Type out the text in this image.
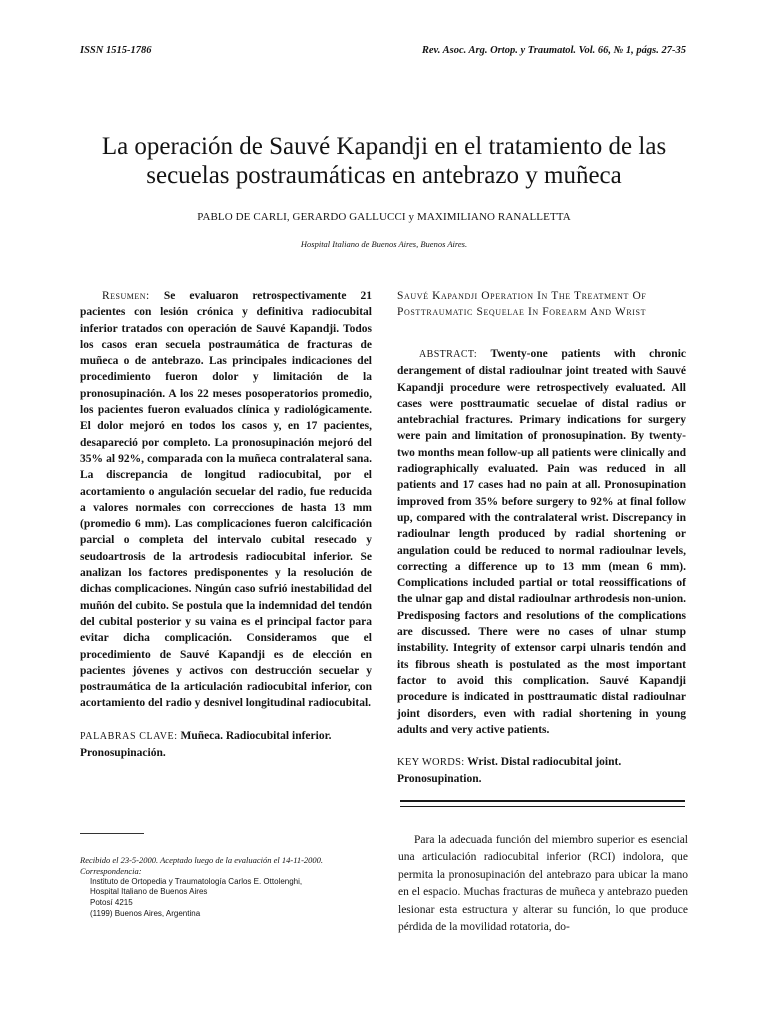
ISSN 1515-1786	Rev. Asoc. Arg. Ortop. y Traumatol. Vol. 66, № 1, págs. 27-35
La operación de Sauvé Kapandji en el tratamiento de las
secuelas postraumáticas en antebrazo y muñeca
PABLO DE CARLI, GERARDO GALLUCCI y MAXIMILIANO RANALLETTA
Hospital Italiano de Buenos Aires, Buenos Aires.

Resumen: Se evaluaron retrospectivamente 21 pacientes con lesión crónica y definitiva radiocubital inferior tratados con operación de Sauvé Kapandji. Todos los casos eran secuela postraumática de fracturas de muñeca o de antebrazo. Las principales indicaciones del procedimiento fueron dolor y limitación de la pronosupinación. A los 22 meses posoperatorios promedio, los pacientes fueron evaluados clínica y radiológicamente. El dolor mejoró en todos los casos y, en 17 pacientes, desapareció por completo. La pronosupinación mejoró del 35% al 92%, comparada con la muñeca contralateral sana. La discrepancia de longitud radiocubital, por el acortamiento o angulación secuelar del radio, fue reducida a valores normales con correcciones de hasta 13 mm (promedio 6 mm). Las complicaciones fueron calcificación parcial o completa del intervalo cubital resecado y seudoartrosis de la artrodesis radiocubital inferior. Se analizan los factores predisponentes y la resolución de dichas complicaciones. Ningún caso sufrió inestabilidad del muñón del cubito. Se postula que la indemnidad del tendón del cubital posterior y su vaina es el principal factor para evitar dicha complicación. Consideramos que el procedimiento de Sauvé Kapandji es de elección en pacientes jóvenes y activos con destrucción secuelar y postraumática de la articulación radiocubital inferior, con acortamiento del radio y desnivel longitudinal radiocubital.

PALABRAS CLAVE: Muñeca. Radiocubital inferior. Pronosupinación.

Sauvé Kapandji Operation In The Treatment Of Posttraumatic Sequelae In Forearm And Wrist

ABSTRACT: Twenty-one patients with chronic derangement of distal radioulnar joint treated with Sauvé Kapandji procedure were retrospectively evaluated. All cases were posttraumatic secuelae of distal radius or antebrachial fractures. Primary indications for surgery were pain and limitation of pronosupination. By twenty-two months mean follow-up all patients were clinically and radiographically evaluated. Pain was reduced in all patients and 17 cases had no pain at all. Pronosupination improved from 35% before surgery to 92% at final follow up, compared with the contralateral wrist. Discrepancy in radioulnar length produced by radial shortening or angulation could be reduced to normal radioulnar levels, correcting a difference up to 13 mm (mean 6 mm). Complications included partial or total reossiffications of the ulnar gap and distal radioulnar arthrodesis non-union. Predisposing factors and resolutions of the complications are discussed. There were no cases of ulnar stump instability. Integrity of extensor carpi ulnaris tendón and its fibrous sheath is postulated as the most important factor to avoid this complication. Sauvé Kapandji procedure is indicated in posttraumatic distal radioulnar joint disorders, even with radial shortening in young adults and very active patients.

KEY WORDS: Wrist. Distal radiocubital joint. Pronosupination.

Recibido el 23-5-2000. Aceptado luego de la evaluación el 14-11-2000.
Correspondencia:
Instituto de Ortopedia y Traumatología Carlos E. Ottolenghi,
Hospital Italiano de Buenos Aires
Potosí 4215
(1199) Buenos Aires, Argentina

Para la adecuada función del miembro superior es esencial una articulación radiocubital inferior (RCI) indolora, que permita la pronosupinación del antebrazo para ubicar la mano en el espacio. Muchas fracturas de muñeca y antebrazo pueden lesionar esta estructura y alterar su función, lo que produce pérdida de la movilidad rotatoria, do-
